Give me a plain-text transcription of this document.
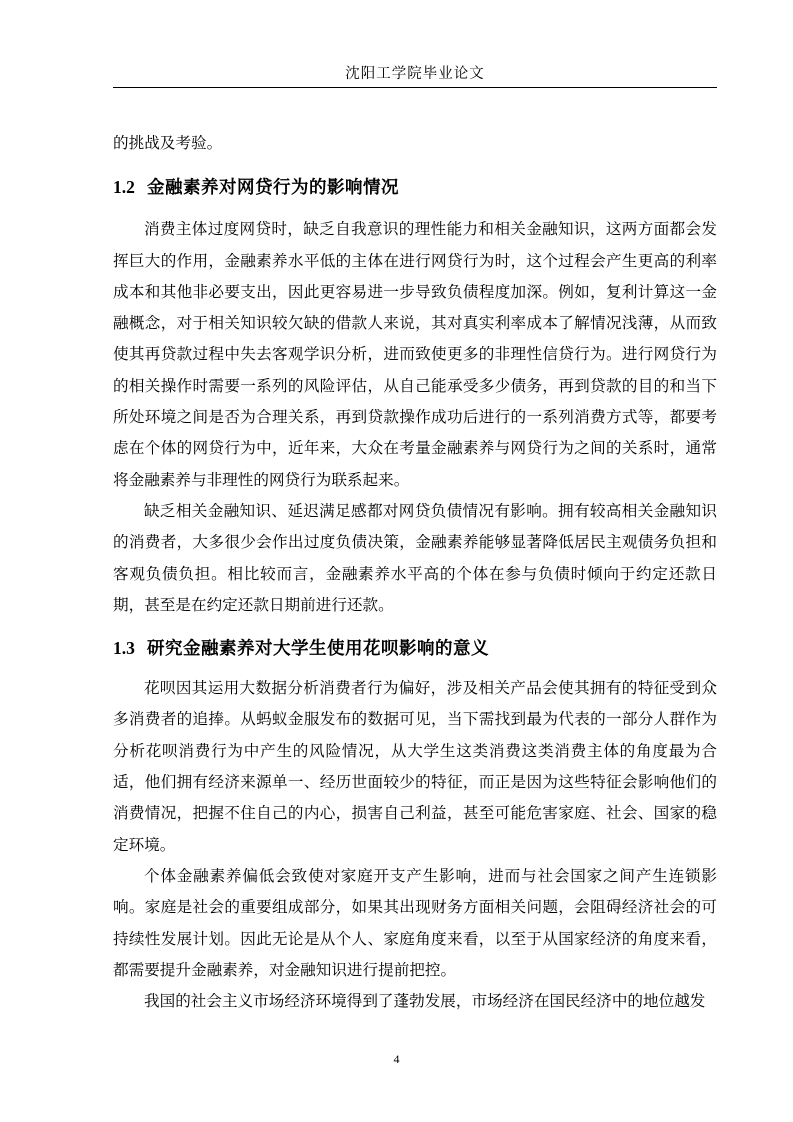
沈阳工学院毕业论文

的挑战及考验。

1.2 金融素养对网贷行为的影响情况

消费主体过度网贷时，缺乏自我意识的理性能力和相关金融知识，这两方面都会发挥巨大的作用，金融素养水平低的主体在进行网贷行为时，这个过程会产生更高的利率成本和其他非必要支出，因此更容易进一步导致负债程度加深。例如，复利计算这一金融概念，对于相关知识较欠缺的借款人来说，其对真实利率成本了解情况浅薄，从而致使其再贷款过程中失去客观学识分析，进而致使更多的非理性信贷行为。进行网贷行为的相关操作时需要一系列的风险评估，从自己能承受多少债务，再到贷款的目的和当下所处环境之间是否为合理关系，再到贷款操作成功后进行的一系列消费方式等，都要考虑在个体的网贷行为中，近年来，大众在考量金融素养与网贷行为之间的关系时，通常将金融素养与非理性的网贷行为联系起来。

缺乏相关金融知识、延迟满足感都对网贷负债情况有影响。拥有较高相关金融知识的消费者，大多很少会作出过度负债决策，金融素养能够显著降低居民主观债务负担和客观负债负担。相比较而言，金融素养水平高的个体在参与负债时倾向于约定还款日期，甚至是在约定还款日期前进行还款。

1.3 研究金融素养对大学生使用花呗影响的意义

花呗因其运用大数据分析消费者行为偏好，涉及相关产品会使其拥有的特征受到众多消费者的追捧。从蚂蚁金服发布的数据可见，当下需找到最为代表的一部分人群作为分析花呗消费行为中产生的风险情况，从大学生这类消费这类消费主体的角度最为合适，他们拥有经济来源单一、经历世面较少的特征，而正是因为这些特征会影响他们的消费情况，把握不住自己的内心，损害自己利益，甚至可能危害家庭、社会、国家的稳定环境。

个体金融素养偏低会致使对家庭开支产生影响，进而与社会国家之间产生连锁影响。家庭是社会的重要组成部分，如果其出现财务方面相关问题，会阻碍经济社会的可持续性发展计划。因此无论是从个人、家庭角度来看，以至于从国家经济的角度来看，都需要提升金融素养，对金融知识进行提前把控。

我国的社会主义市场经济环境得到了蓬勃发展，市场经济在国民经济中的地位越发

4
